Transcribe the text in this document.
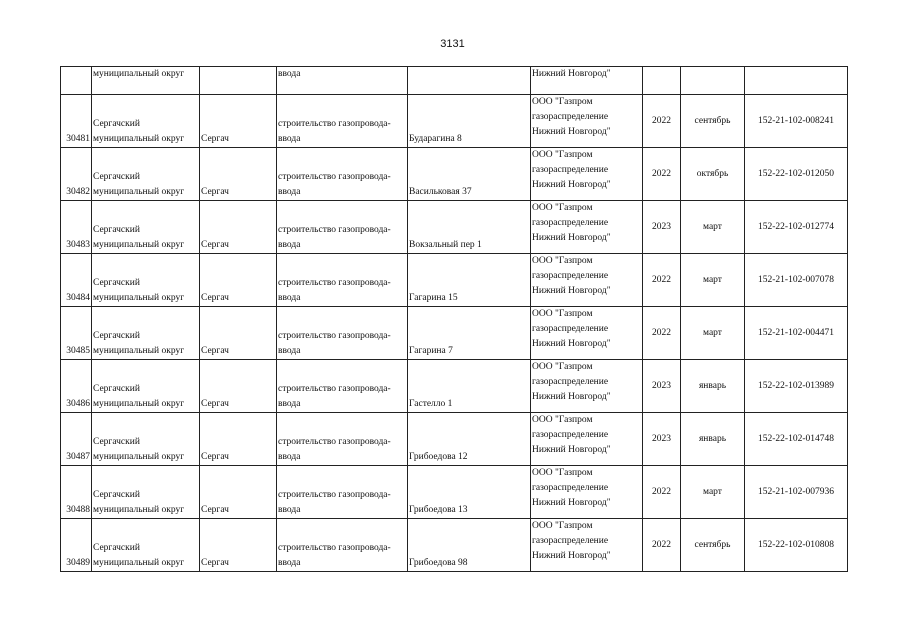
3131

	муниципальный округ		ввода		Нижний Новгород"			

30481	Сергачский
муниципальный округ	Сергач	строительство газопровода-
ввода	Бударагина 8	ООО "Газпром
газораспределение
Нижний Новгород"	2022	сентябрь	152-21-102-008241

30482	Сергачский
муниципальный округ	Сергач	строительство газопровода-
ввода	Васильковая 37	ООО "Газпром
газораспределение
Нижний Новгород"	2022	октябрь	152-22-102-012050

30483	Сергачский
муниципальный округ	Сергач	строительство газопровода-
ввода	Вокзальный пер 1	ООО "Газпром
газораспределение
Нижний Новгород"	2023	март	152-22-102-012774

30484	Сергачский
муниципальный округ	Сергач	строительство газопровода-
ввода	Гагарина 15	ООО "Газпром
газораспределение
Нижний Новгород"	2022	март	152-21-102-007078

30485	Сергачский
муниципальный округ	Сергач	строительство газопровода-
ввода	Гагарина 7	ООО "Газпром
газораспределение
Нижний Новгород"	2022	март	152-21-102-004471

30486	Сергачский
муниципальный округ	Сергач	строительство газопровода-
ввода	Гастелло 1	ООО "Газпром
газораспределение
Нижний Новгород"	2023	январь	152-22-102-013989

30487	Сергачский
муниципальный округ	Сергач	строительство газопровода-
ввода	Грибоедова 12	ООО "Газпром
газораспределение
Нижний Новгород"	2023	январь	152-22-102-014748

30488	Сергачский
муниципальный округ	Сергач	строительство газопровода-
ввода	Грибоедова 13	ООО "Газпром
газораспределение
Нижний Новгород"	2022	март	152-21-102-007936

30489	Сергачский
муниципальный округ	Сергач	строительство газопровода-
ввода	Грибоедова 98	ООО "Газпром
газораспределение
Нижний Новгород"	2022	сентябрь	152-22-102-010808
